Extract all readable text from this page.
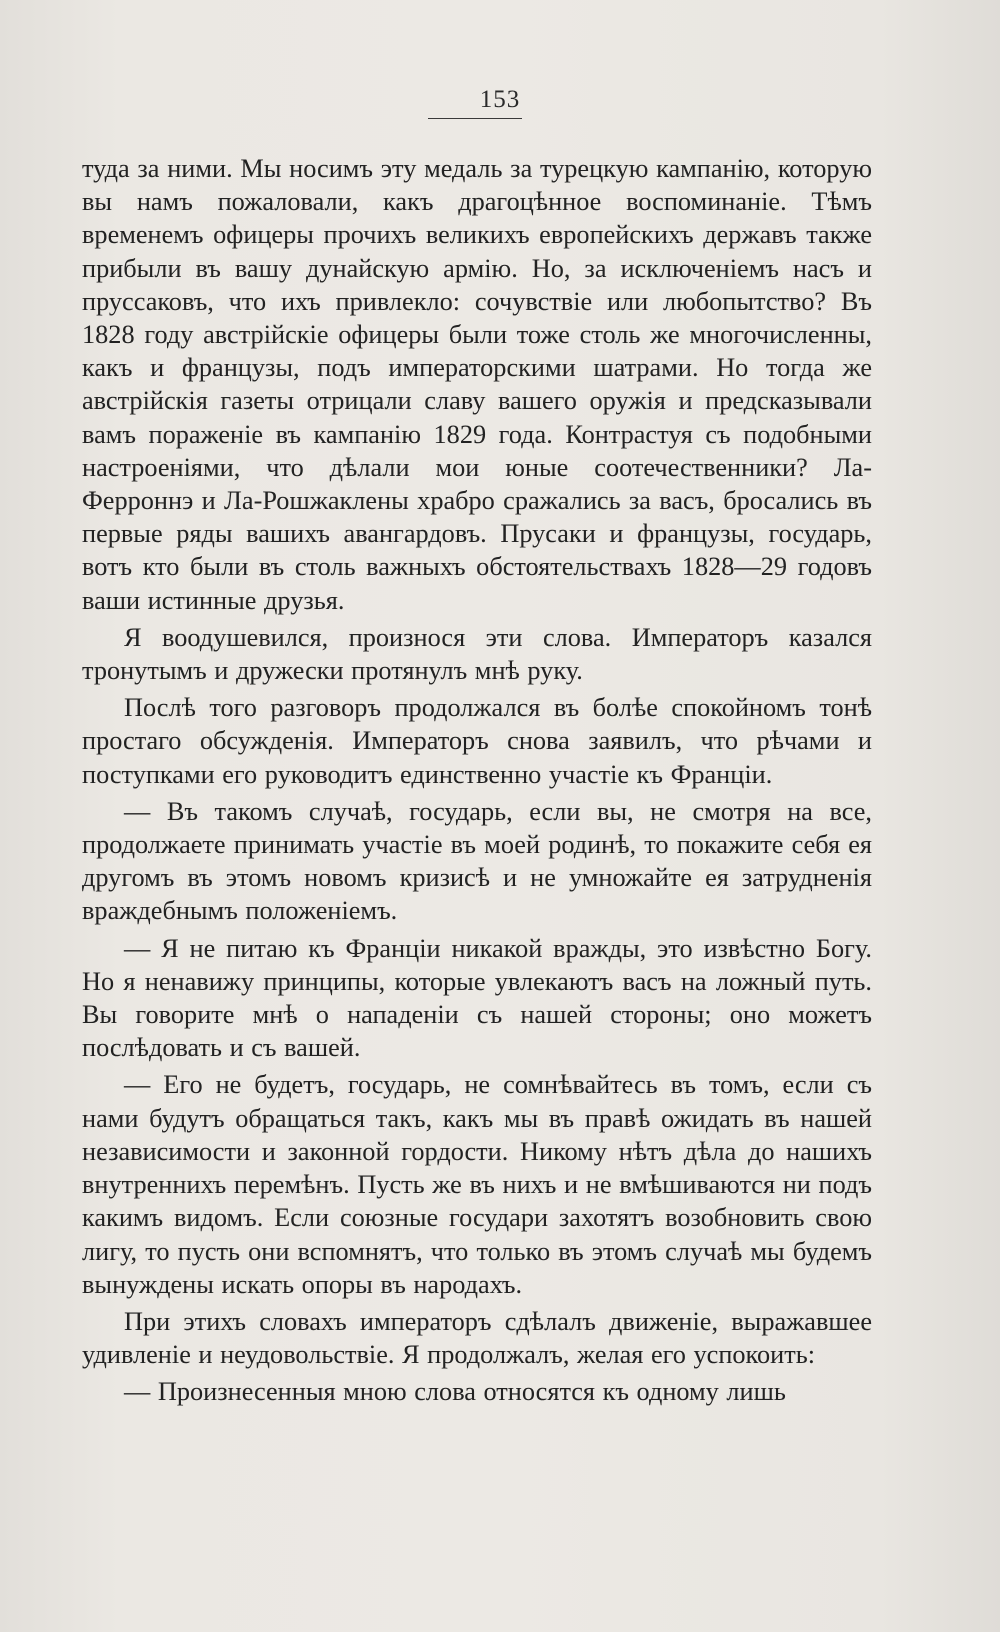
153

туда за ними. Мы носимъ эту медаль за турецкую кампанію, которую вы намъ пожаловали, какъ драгоцѣнное воспоминаніе. Тѣмъ временемъ офицеры прочихъ великихъ европейскихъ державъ также прибыли въ вашу дунайскую армію. Но, за исключеніемъ насъ и пруссаковъ, что ихъ привлекло: сочувствіе или любопытство? Въ 1828 году австрійскіе офицеры были тоже столь же многочисленны, какъ и французы, подъ императорскими шатрами. Но тогда же австрійскія газеты отрицали славу вашего оружія и предсказывали вамъ пораженіе въ кампанію 1829 года. Контрастуя съ подобными настроеніями, что дѣлали мои юные соотечественники? Ла-Ферроннэ и Ла-Рошжаклены храбро сражались за васъ, бросались въ первые ряды вашихъ авангардовъ. Прусаки и французы, государь, вотъ кто были въ столь важныхъ обстоятельствахъ 1828—29 годовъ ваши истинные друзья.

Я воодушевился, произнося эти слова. Императоръ казался тронутымъ и дружески протянулъ мнѣ руку.

Послѣ того разговоръ продолжался въ болѣе спокойномъ тонѣ простаго обсужденія. Императоръ снова заявилъ, что рѣчами и поступками его руководитъ единственно участіе къ Франціи.

— Въ такомъ случаѣ, государь, если вы, не смотря на все, продолжаете принимать участіе въ моей родинѣ, то покажите себя ея другомъ въ этомъ новомъ кризисѣ и не умножайте ея затрудненія враждебнымъ положеніемъ.

— Я не питаю къ Франціи никакой вражды, это извѣстно Богу. Но я ненавижу принципы, которые увлекаютъ васъ на ложный путь. Вы говорите мнѣ о нападеніи съ нашей стороны; оно можетъ послѣдовать и съ вашей.

— Его не будетъ, государь, не сомнѣвайтесь въ томъ, если съ нами будутъ обращаться такъ, какъ мы въ правѣ ожидать въ нашей независимости и законной гордости. Никому нѣтъ дѣла до нашихъ внутреннихъ перемѣнъ. Пусть же въ нихъ и не вмѣшиваются ни подъ какимъ видомъ. Если союзные государи захотятъ возобновить свою лигу, то пусть они вспомнятъ, что только въ этомъ случаѣ мы будемъ вынуждены искать опоры въ народахъ.

При этихъ словахъ императоръ сдѣлалъ движеніе, выражавшее удивленіе и неудовольствіе. Я продолжалъ, желая его успокоить:

— Произнесенныя мною слова относятся къ одному лишь
